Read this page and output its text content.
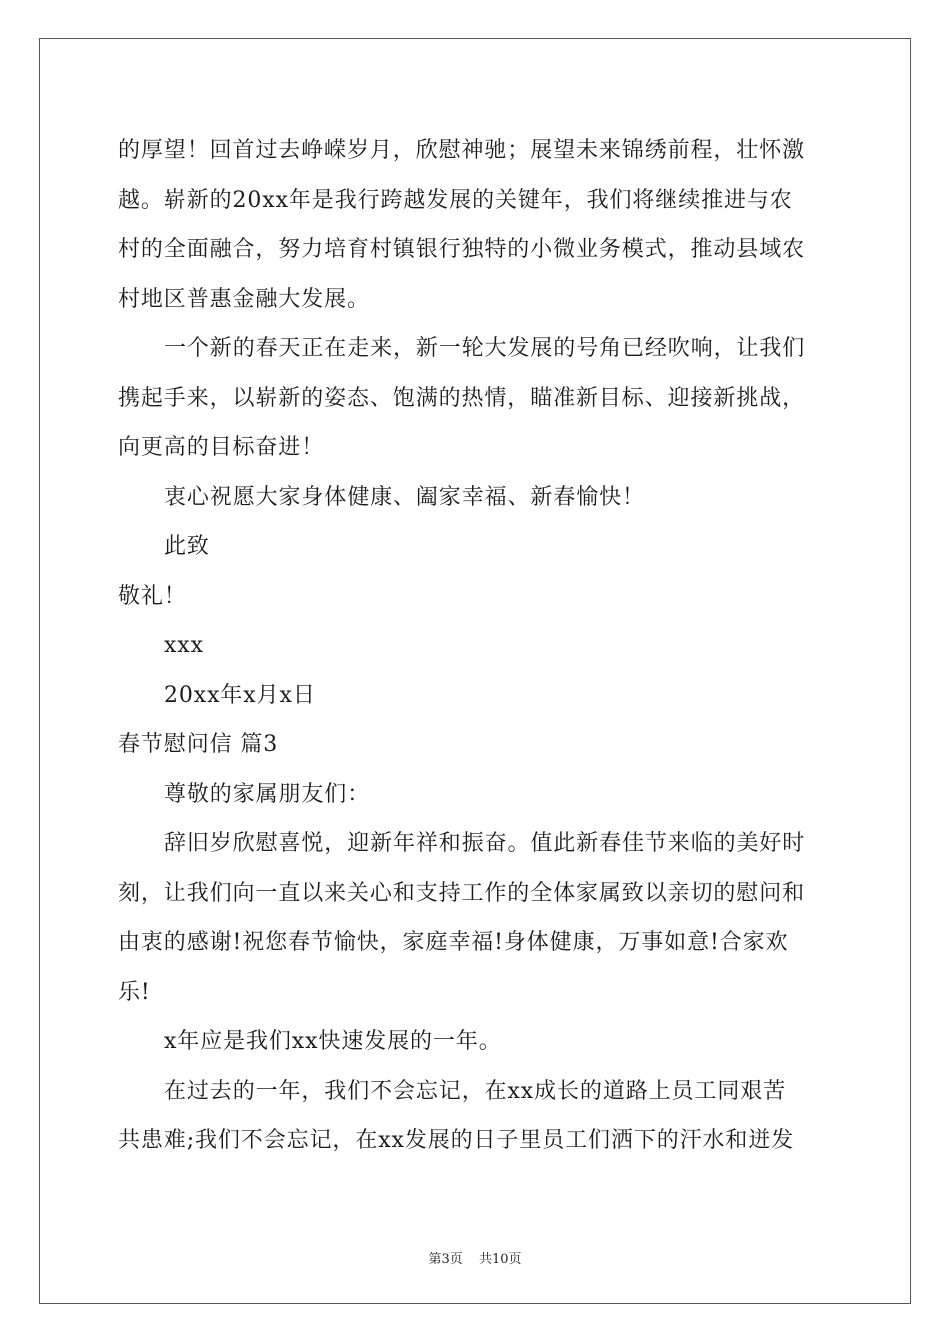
的厚望！回首过去峥嵘岁月，欣慰神驰；展望未来锦绣前程，壮怀激
越。崭新的20xx年是我行跨越发展的关键年，我们将继续推进与农
村的全面融合，努力培育村镇银行独特的小微业务模式，推动县域农
村地区普惠金融大发展。
一个新的春天正在走来，新一轮大发展的号角已经吹响，让我们
携起手来，以崭新的姿态、饱满的热情，瞄准新目标、迎接新挑战，
向更高的目标奋进！
衷心祝愿大家身体健康、阖家幸福、新春愉快！
此致
敬礼！
xxx
20xx年x月x日
春节慰问信 篇3
尊敬的家属朋友们：
辞旧岁欣慰喜悦，迎新年祥和振奋。值此新春佳节来临的美好时
刻，让我们向一直以来关心和支持工作的全体家属致以亲切的慰问和
由衷的感谢!祝您春节愉快，家庭幸福!身体健康，万事如意!合家欢
乐!
x年应是我们xx快速发展的一年。
在过去的一年，我们不会忘记，在xx成长的道路上员工同艰苦
共患难;我们不会忘记，在xx发展的日子里员工们洒下的汗水和迸发
第3页 共10页
